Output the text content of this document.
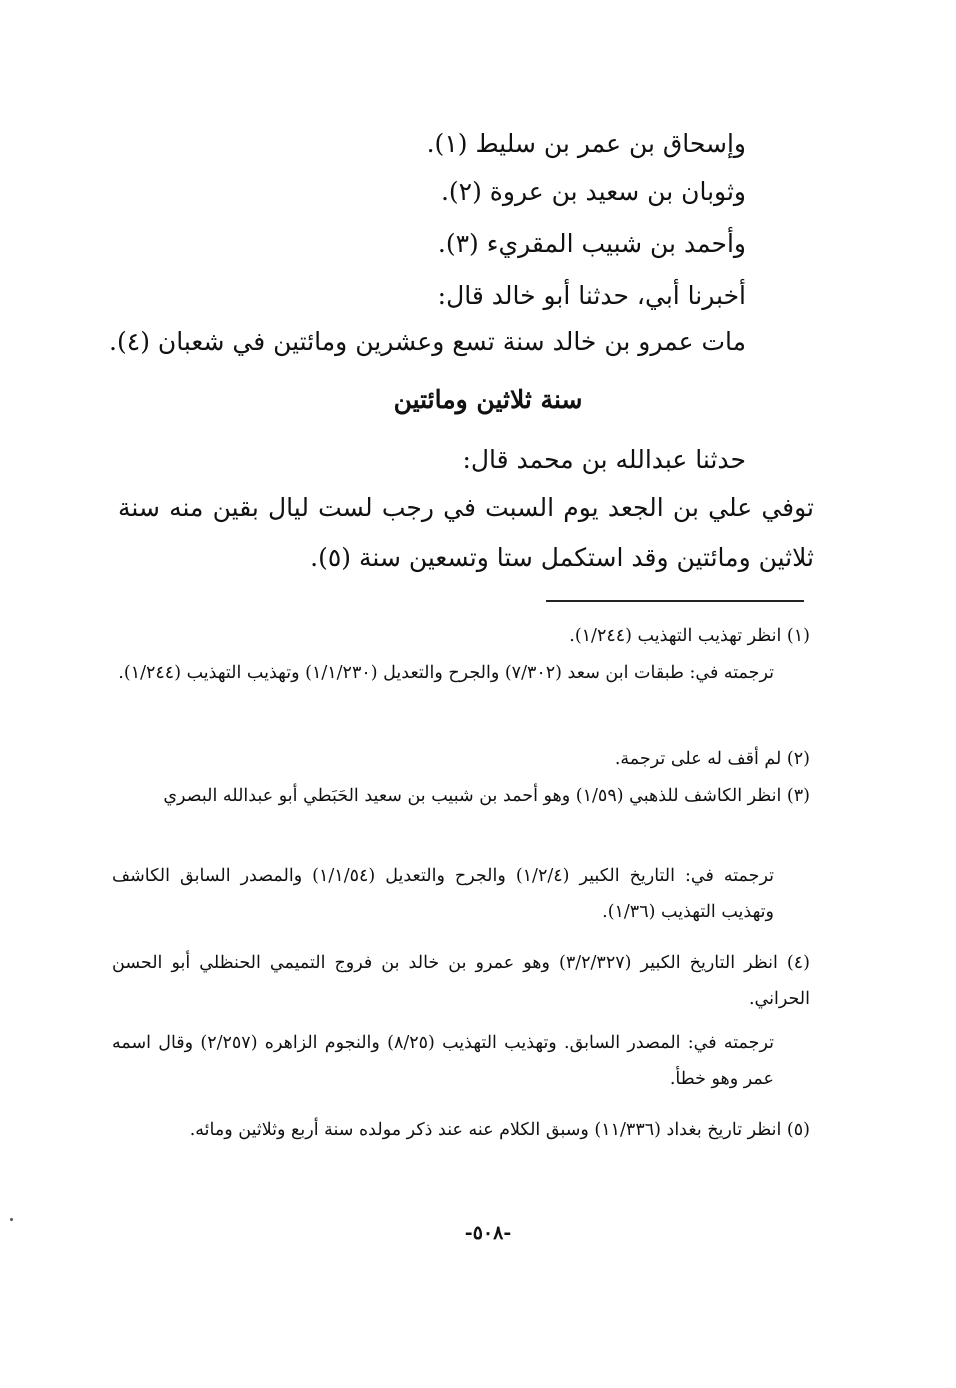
وإسحاق بن عمر بن سليط (١).
وثوبان بن سعيد بن عروة (٢).
وأحمد بن شبيب المقريء (٣).
أخبرنا أبي، حدثنا أبو خالد قال:
مات عمرو بن خالد سنة تسع وعشرين ومائتين في شعبان (٤).
سنة ثلاثين ومائتين
حدثنا عبدالله بن محمد قال:
توفي علي بن الجعد يوم السبت في رجب لست ليال بقين منه سنة ثلاثين ومائتين وقد استكمل ستا وتسعين سنة (٥).
(١) انظر تهذيب التهذيب (١/٢٤٤).
ترجمته في: طبقات ابن سعد (٧/٣٠٢) والجرح والتعديل (١/١/٢٣٠) وتهذيب التهذيب (١/٢٤٤).
(٢) لم أقف له على ترجمة.
(٣) انظر الكاشف للذهبي (١/٥٩) وهو أحمد بن شبيب بن سعيد الحَبَطي أبو عبدالله البصري
ترجمته في: التاريخ الكبير (١/٢/٤) والجرح والتعديل (١/١/٥٤) والمصدر السابق الكاشف وتهذيب التهذيب (١/٣٦).
(٤) انظر التاريخ الكبير (٣/٢/٣٢٧) وهو عمرو بن خالد بن فروج التميمي الحنظلي أبو الحسن الحراني.
ترجمته في: المصدر السابق. وتهذيب التهذيب (٨/٢٥) والنجوم الزاهره (٢/٢٥٧) وقال اسمه عمر وهو خطأ.
(٥) انظر تاريخ بغداد (١١/٣٣٦) وسبق الكلام عنه عند ذكر مولده سنة أربع وثلاثين ومائه.
-٥٠٨-
